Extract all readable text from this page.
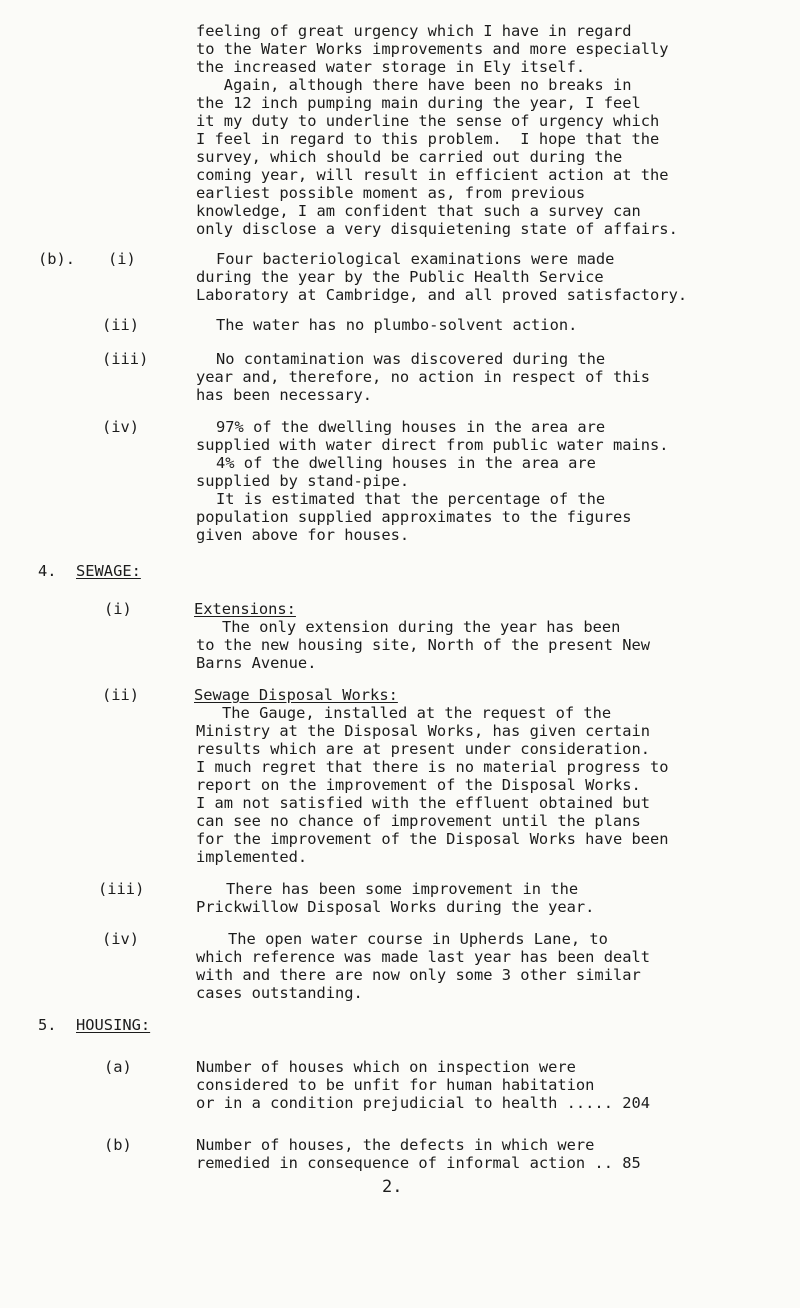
feeling of great urgency which I have in regard
to the Water Works improvements and more especially
the increased water storage in Ely itself.
Again, although there have been no breaks in
the 12 inch pumping main during the year, I feel
it my duty to underline the sense of urgency which
I feel in regard to this problem.  I hope that the
survey, which should be carried out during the
coming year, will result in efficient action at the
earliest possible moment as, from previous
knowledge, I am confident that such a survey can
only disclose a very disquietening state of affairs.
(b). (i)	Four bacteriological examinations were made
during the year by the Public Health Service
Laboratory at Cambridge, and all proved satisfactory.
(ii)	The water has no plumbo-solvent action.
(iii)	No contamination was discovered during the
year and, therefore, no action in respect of this
has been necessary.
(iv)	97% of the dwelling houses in the area are
supplied with water direct from public water mains.
4% of the dwelling houses in the area are
supplied by stand-pipe.
It is estimated that the percentage of the
population supplied approximates to the figures
given above for houses.
4. SEWAGE:
(i)	Extensions:
The only extension during the year has been
to the new housing site, North of the present New
Barns Avenue.
(ii)	Sewage Disposal Works:
The Gauge, installed at the request of the
Ministry at the Disposal Works, has given certain
results which are at present under consideration.
I much regret that there is no material progress to
report on the improvement of the Disposal Works.
I am not satisfied with the effluent obtained but
can see no chance of improvement until the plans
for the improvement of the Disposal Works have been
implemented.
(iii)	There has been some improvement in the
Prickwillow Disposal Works during the year.
(iv)	The open water course in Upherds Lane, to
which reference was made last year has been dealt
with and there are now only some 3 other similar
cases outstanding.
5. HOUSING:
(a)	Number of houses which on inspection were
considered to be unfit for human habitation
or in a condition prejudicial to health ..... 204
(b)	Number of houses, the defects in which were
remedied in consequence of informal action .. 85
2.
